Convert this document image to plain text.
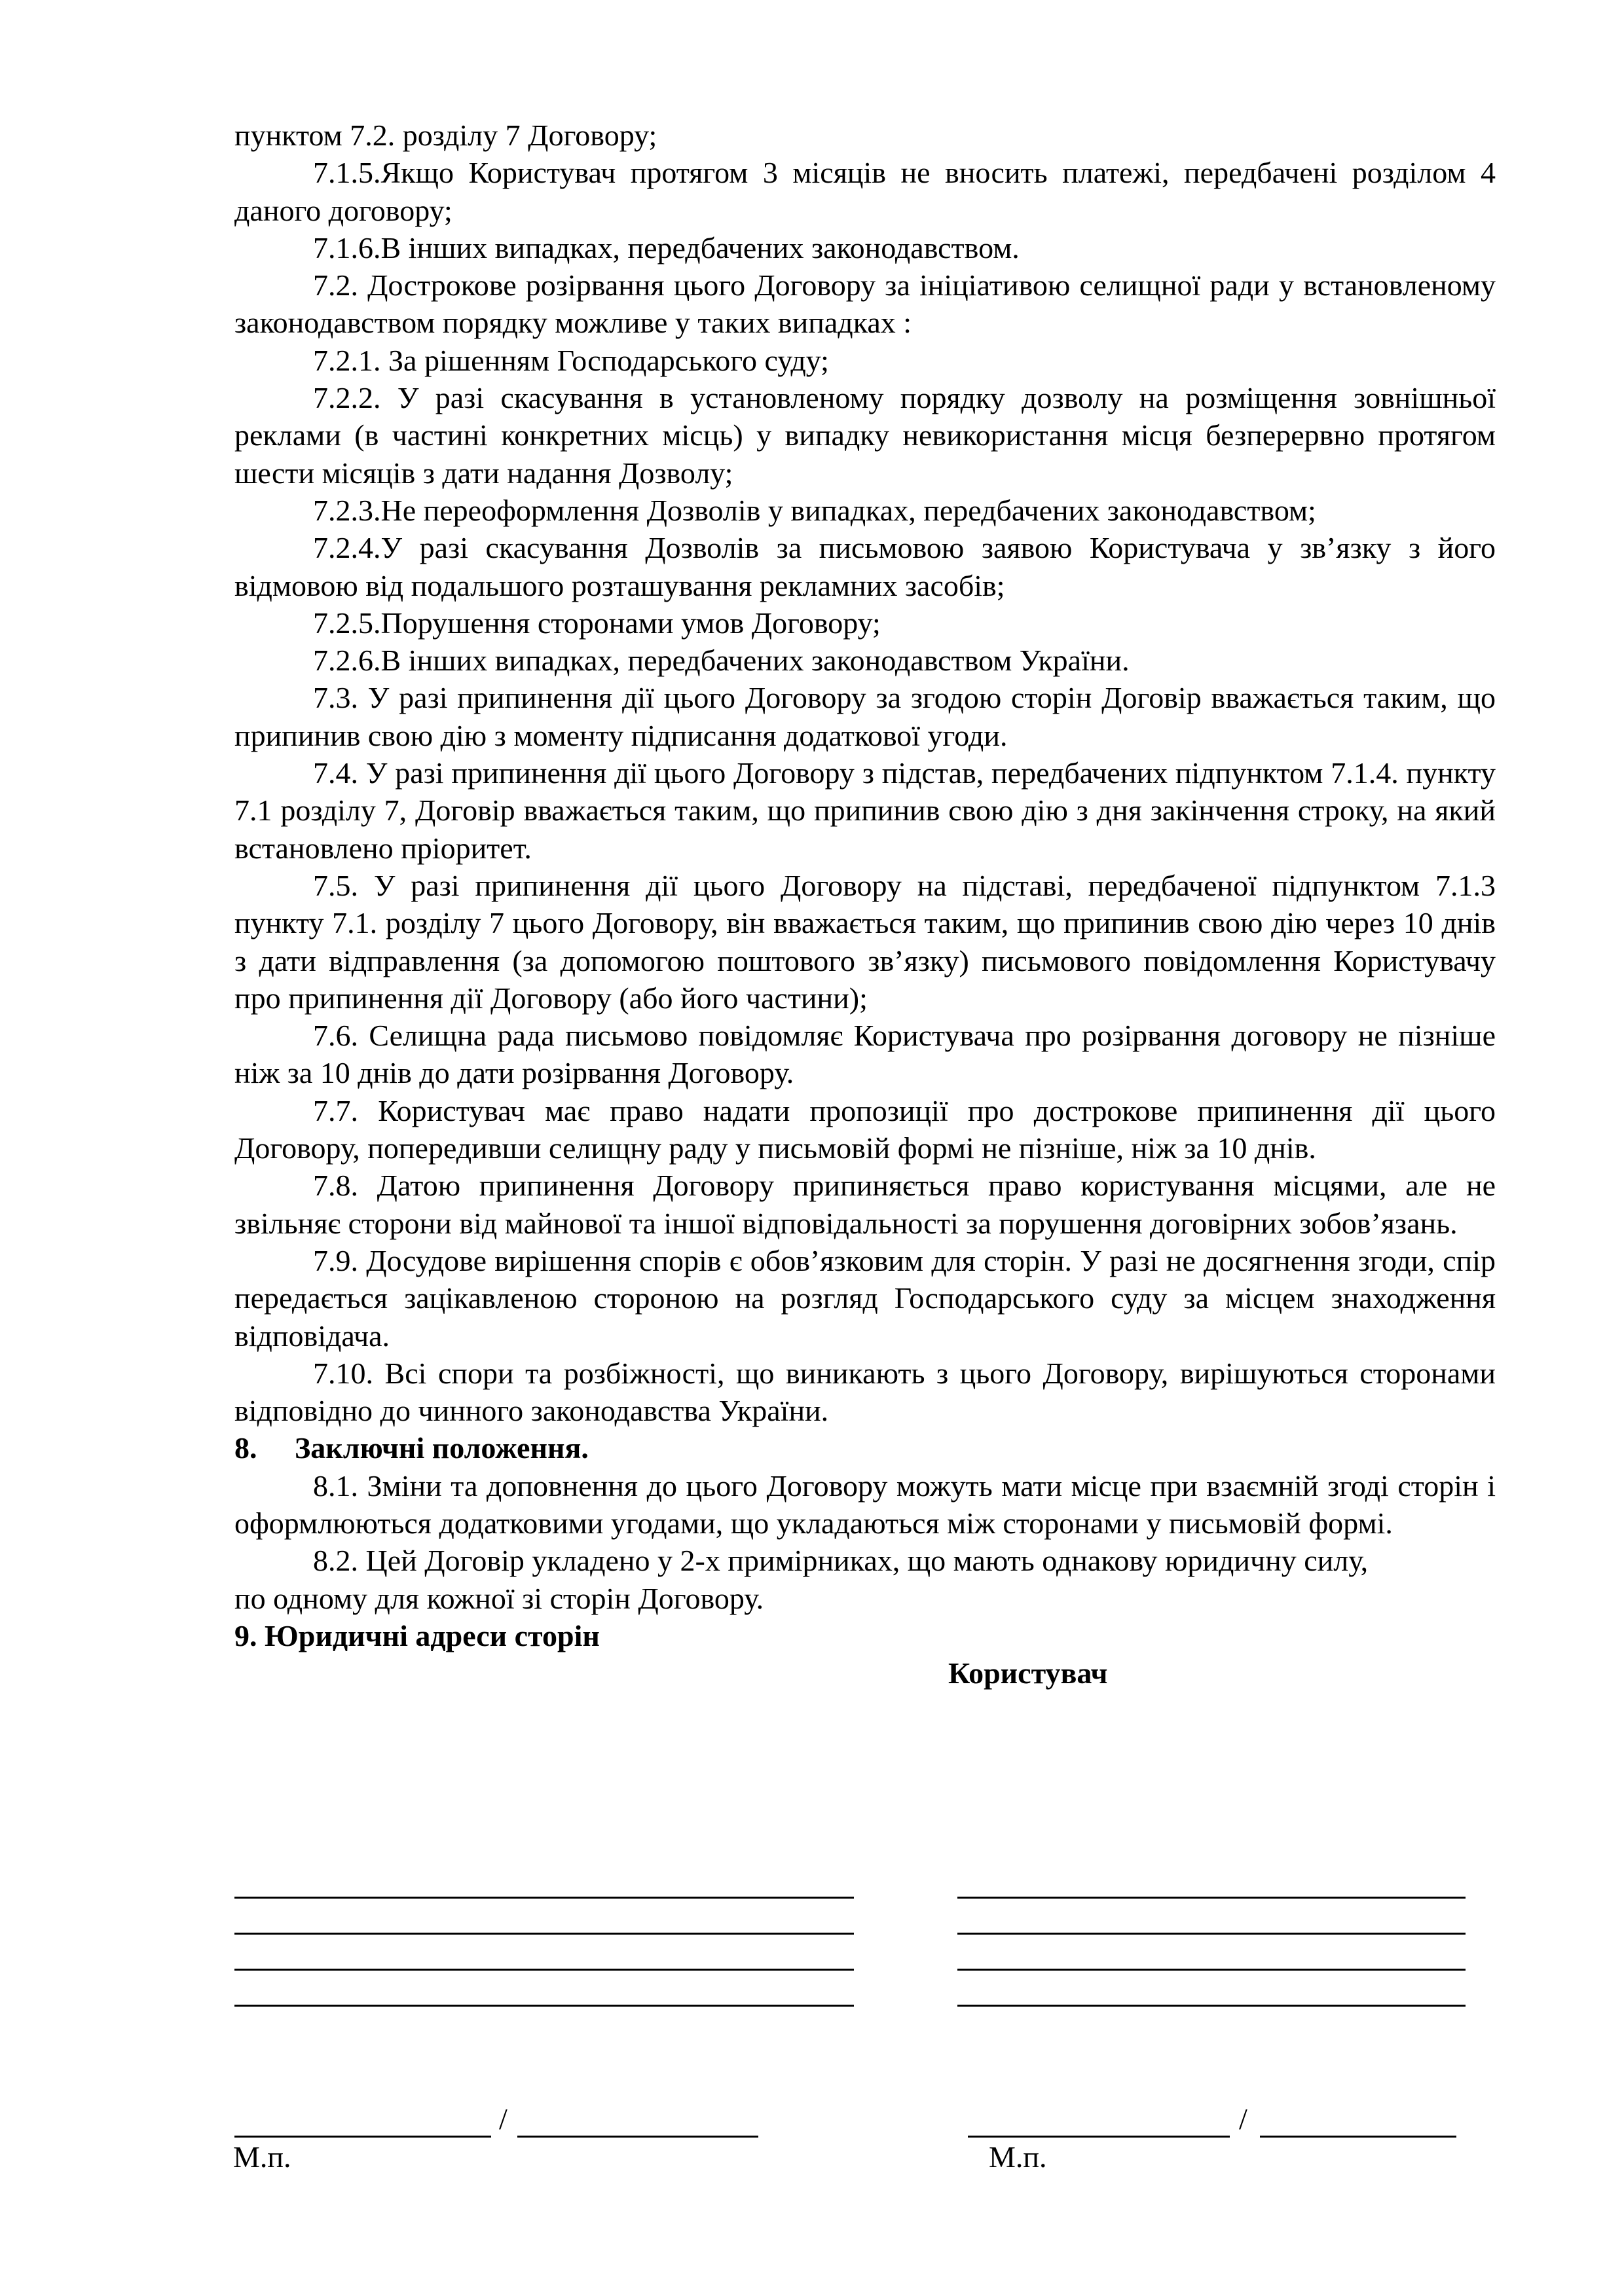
пунктом 7.2. розділу 7 Договору;

7.1.5.Якщо Користувач протягом 3 місяців не вносить платежі, передбачені розділом 4 даного договору;

7.1.6.В інших випадках, передбачених законодавством.

7.2. Дострокове розірвання цього Договору за ініціативою селищної ради у встановленому законодавством порядку можливе у таких випадках :

7.2.1. За рішенням Господарського суду;

7.2.2. У разі скасування в установленому порядку дозволу на розміщення зовнішньої реклами (в частині конкретних місць) у випадку невикористання місця безперервно протягом шести місяців з дати надання Дозволу;

7.2.3.Не переоформлення Дозволів у випадках, передбачених законодавством;

7.2.4.У разі скасування Дозволів за письмовою заявою Користувача у зв’язку з його відмовою від подальшого розташування рекламних засобів;

7.2.5.Порушення сторонами умов Договору;

7.2.6.В інших випадках, передбачених законодавством України.

7.3. У разі припинення дії цього Договору за згодою сторін Договір вважається таким, що припинив свою дію з моменту підписання додаткової угоди.

7.4. У разі припинення дії цього Договору з підстав, передбачених підпунктом 7.1.4. пункту 7.1 розділу 7, Договір вважається таким, що припинив свою дію з дня закінчення строку, на який встановлено пріоритет.

7.5. У разі припинення дії цього Договору на підставі, передбаченої підпунктом 7.1.3 пункту 7.1. розділу 7 цього Договору, він вважається таким, що припинив свою дію через 10 днів з дати відправлення (за допомогою поштового зв’язку) письмового повідомлення Користувачу про припинення дії Договору (або його частини);

7.6. Селищна рада письмово повідомляє Користувача про розірвання договору не пізніше ніж за 10 днів до дати розірвання Договору.

7.7. Користувач має право надати пропозиції про дострокове припинення дії цього Договору, попередивши селищну раду у письмовій формі не пізніше, ніж за 10 днів.

7.8. Датою припинення Договору припиняється право користування місцями, але не звільняє сторони від майнової та іншої відповідальності за порушення договірних зобов’язань.

7.9. Досудове вирішення спорів є обов’язковим для сторін. У разі не досягнення згоди, спір передається зацікавленою стороною на розгляд Господарського суду за місцем знаходження відповідача.

7.10. Всі спори та розбіжності, що виникають з цього Договору, вирішуються сторонами відповідно до чинного законодавства України.

8. Заключні положення.

8.1. Зміни та доповнення до цього Договору можуть мати місце при взаємній згоді сторін і оформлюються додатковими угодами, що укладаються між сторонами у письмовій формі.

8.2. Цей Договір укладено у 2-х примірниках, що мають однакову юридичну силу,

по одному для кожної зі сторін Договору.

9. Юридичні адреси сторін

Користувач

/	/
М.п.	М.п.
